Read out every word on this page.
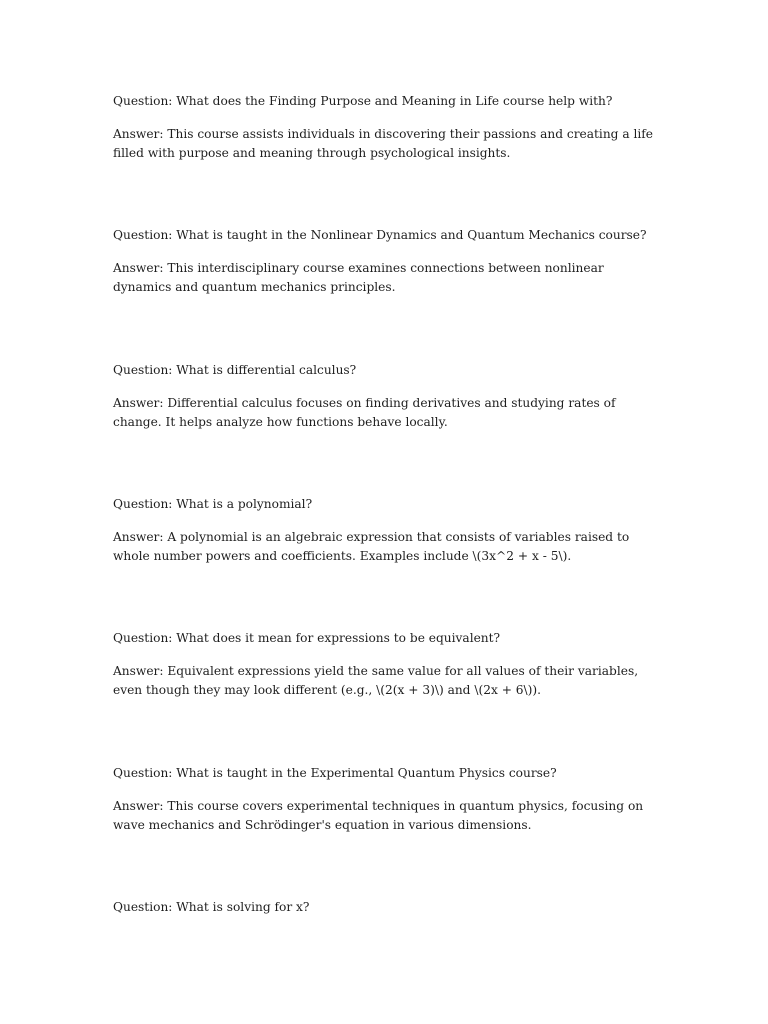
Question: What does the Finding Purpose and Meaning in Life course help with?

Answer: This course assists individuals in discovering their passions and creating a life filled with purpose and meaning through psychological insights.

Question: What is taught in the Nonlinear Dynamics and Quantum Mechanics course?

Answer: This interdisciplinary course examines connections between nonlinear dynamics and quantum mechanics principles.

Question: What is differential calculus?

Answer: Differential calculus focuses on finding derivatives and studying rates of change. It helps analyze how functions behave locally.

Question: What is a polynomial?

Answer: A polynomial is an algebraic expression that consists of variables raised to whole number powers and coefficients. Examples include \(3x^2 + x - 5\).

Question: What does it mean for expressions to be equivalent?

Answer: Equivalent expressions yield the same value for all values of their variables, even though they may look different (e.g., \(2(x + 3)\) and \(2x + 6\)).

Question: What is taught in the Experimental Quantum Physics course?

Answer: This course covers experimental techniques in quantum physics, focusing on wave mechanics and Schrödinger's equation in various dimensions.

Question: What is solving for x?
